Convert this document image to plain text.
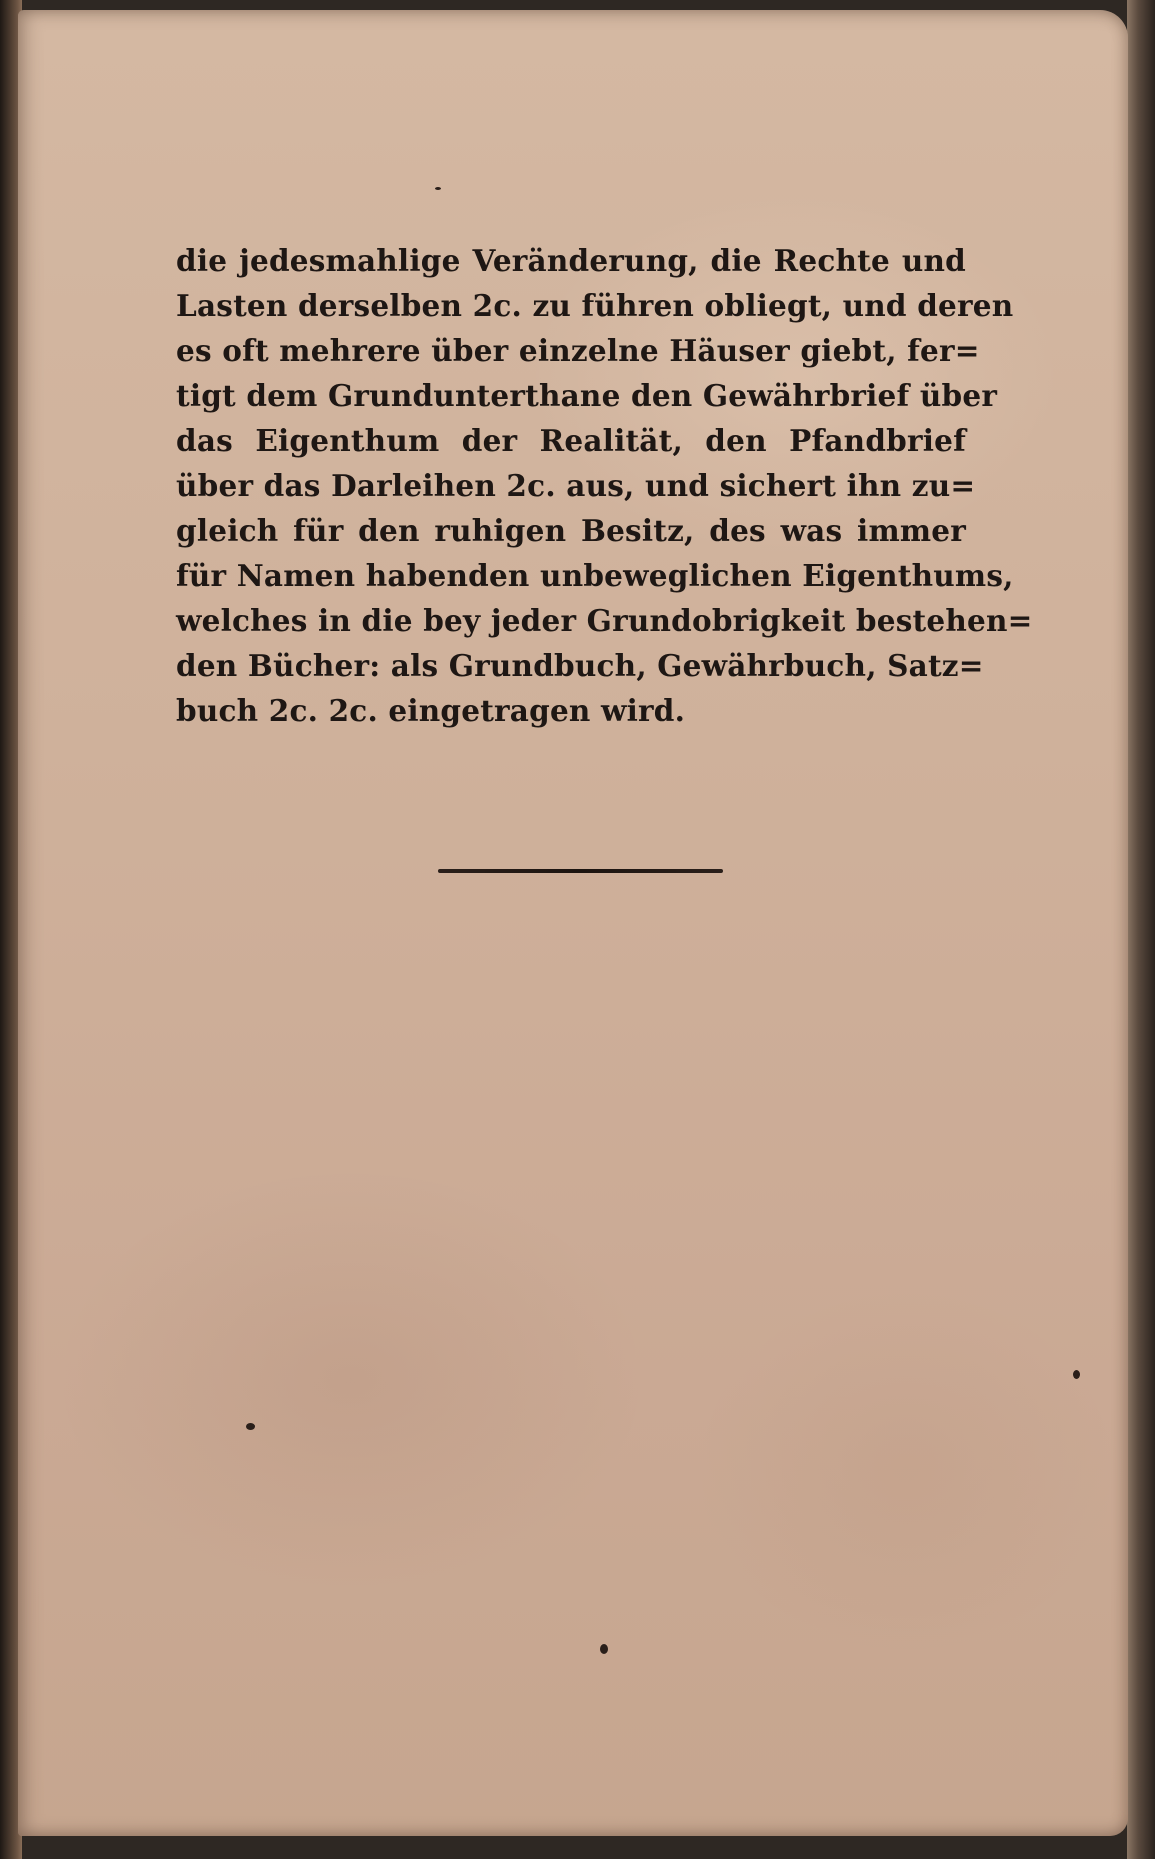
die jedesmahlige Veränderung, die Rechte und
Lasten derselben 2c. zu führen obliegt, und deren
es oft mehrere über einzelne Häuser giebt, fer=
tigt dem Grundunterthane den Gewährbrief über
das Eigenthum der Realität, den Pfandbrief
über das Darleihen 2c. aus, und sichert ihn zu=
gleich für den ruhigen Besitz, des was immer
für Namen habenden unbeweglichen Eigenthums,
welches in die bey jeder Grundobrigkeit bestehen=
den Bücher: als Grundbuch, Gewährbuch, Satz=
buch 2c. 2c. eingetragen wird.
